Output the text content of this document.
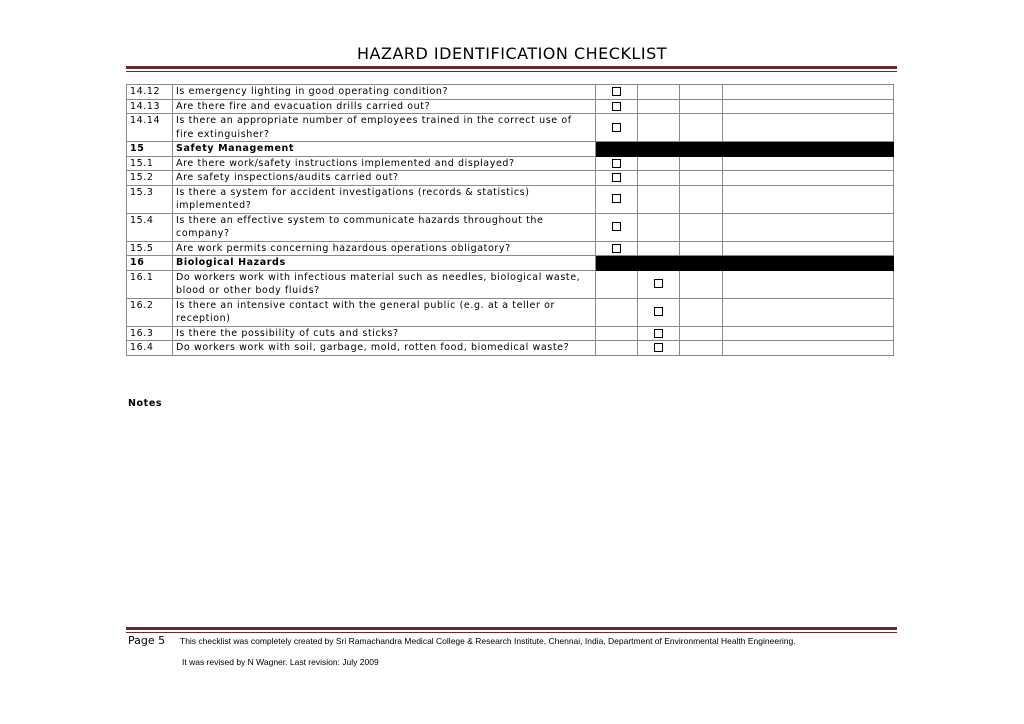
HAZARD IDENTIFICATION CHECKLIST
14.12	Is emergency lighting in good operating condition?				
14.13	Are there fire and evacuation drills carried out?				
14.14	Is there an appropriate number of employees trained in the correct use of fire extinguisher?				
15	Safety Management				
15.1	Are there work/safety instructions implemented and displayed?				
15.2	Are safety inspections/audits carried out?				
15.3	Is there a system for accident investigations (records & statistics) implemented?				
15.4	Is there an effective system to communicate hazards throughout the company?				
15.5	Are work permits concerning hazardous operations obligatory?				
16	Biological Hazards				
16.1	Do workers work with infectious material such as needles, biological waste, blood or other body fluids?				
16.2	Is there an intensive contact with the general public (e.g. at a teller or reception)				
16.3	Is there the possibility of cuts and sticks?				
16.4	Do workers work with soil, garbage, mold, rotten food, biomedical waste?				
Notes
Page 5 This checklist was completely created by Sri Ramachandra Medical College & Research Institute, Chennai, India, Department of Environmental Health Engineering.
It was revised by N Wagner. Last revision: July 2009
